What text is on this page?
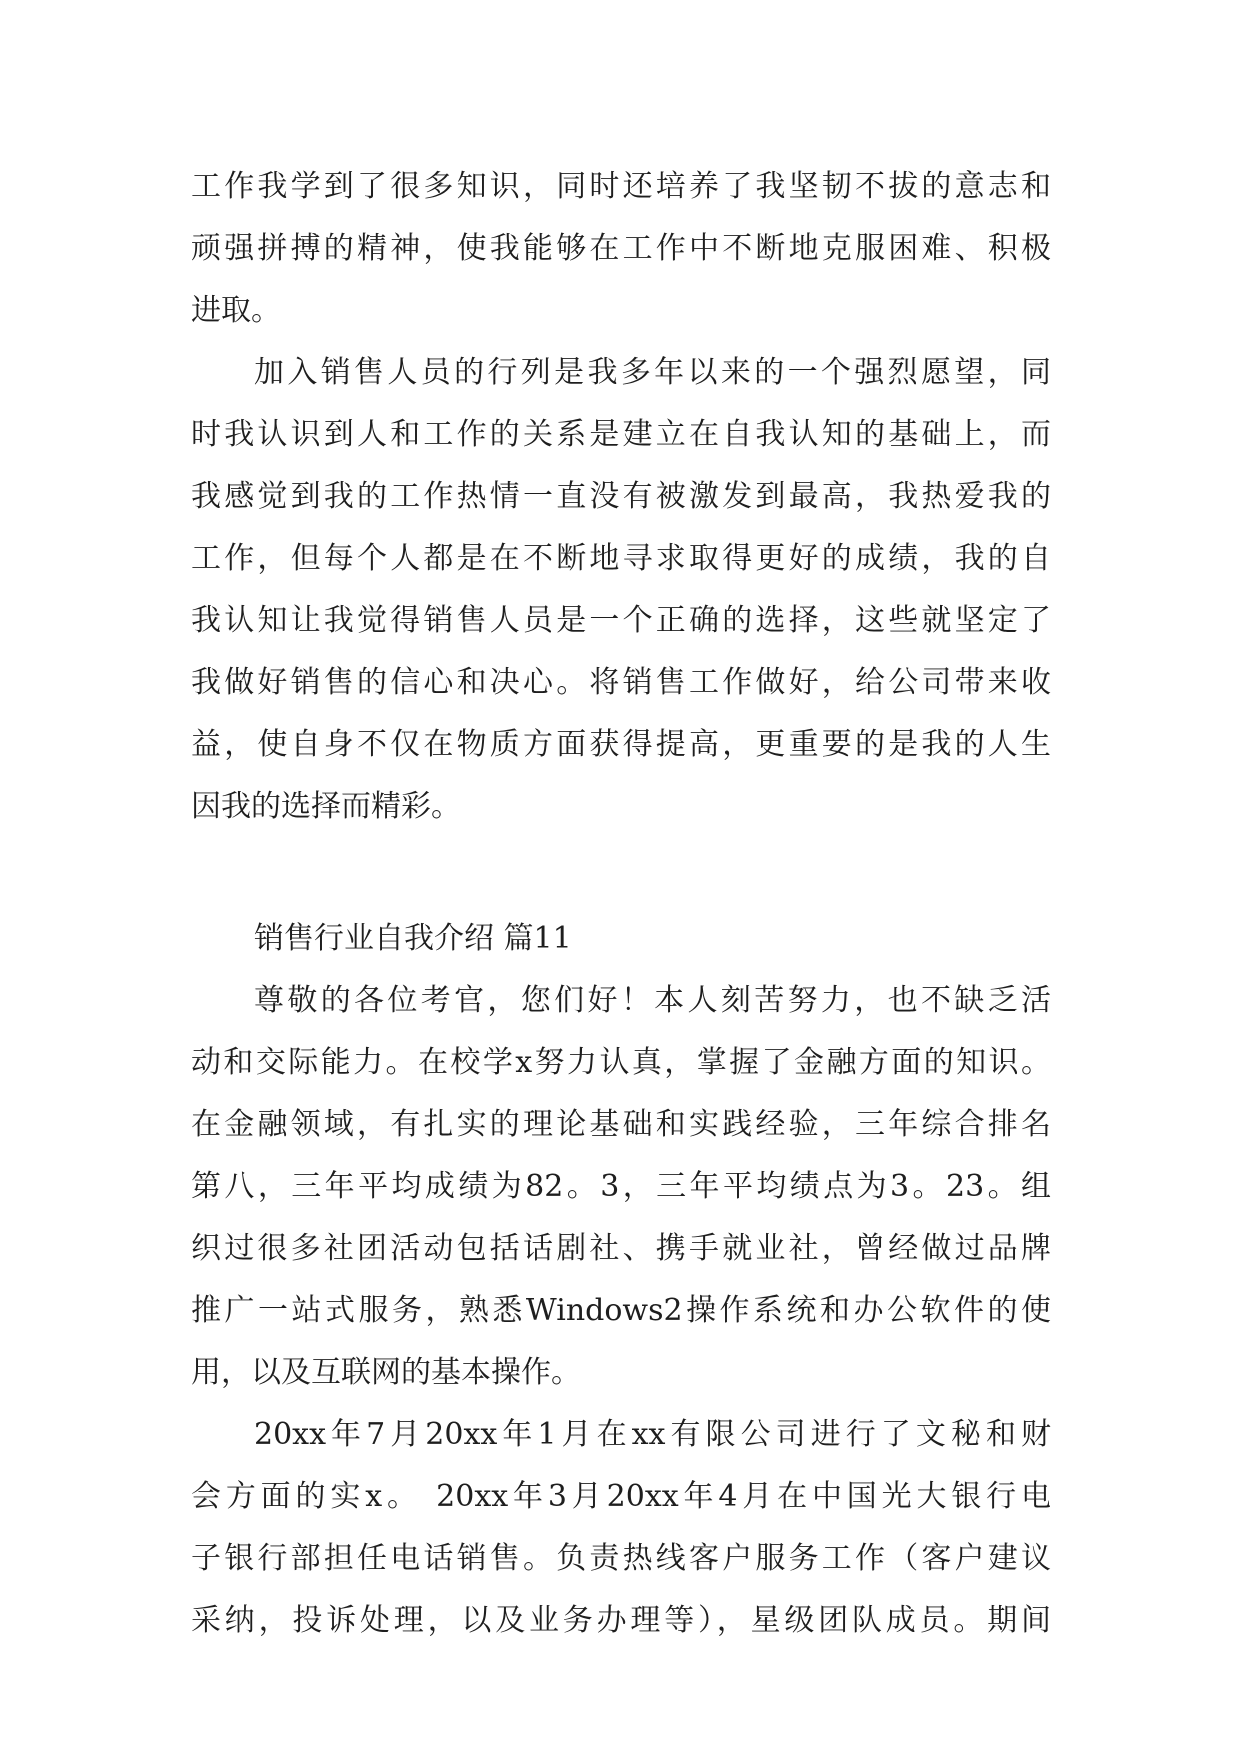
工作我学到了很多知识，同时还培养了我坚韧不拔的意志和
顽强拼搏的精神，使我能够在工作中不断地克服困难、积极
进取。
加入销售人员的行列是我多年以来的一个强烈愿望，同
时我认识到人和工作的关系是建立在自我认知的基础上，而
我感觉到我的工作热情一直没有被激发到最高，我热爱我的
工作，但每个人都是在不断地寻求取得更好的成绩，我的自
我认知让我觉得销售人员是一个正确的选择，这些就坚定了
我做好销售的信心和决心。将销售工作做好，给公司带来收
益，使自身不仅在物质方面获得提高，更重要的是我的人生
因我的选择而精彩。
销售行业自我介绍 篇11
尊敬的各位考官，您们好！本人刻苦努力，也不缺乏活
动和交际能力。在校学x努力认真，掌握了金融方面的知识。
在金融领域，有扎实的理论基础和实践经验，三年综合排名
第八，三年平均成绩为82。3，三年平均绩点为3。23。组
织过很多社团活动包括话剧社、携手就业社，曾经做过品牌
推广一站式服务，熟悉Windows2操作系统和办公软件的使
用，以及互联网的基本操作。
20xx年7月20xx年1月在xx有限公司进行了文秘和财
会方面的实x。 20xx年3月20xx年4月在中国光大银行电
子银行部担任电话销售。负责热线客户服务工作（客户建议
采纳，投诉处理，以及业务办理等），星级团队成员。期间
